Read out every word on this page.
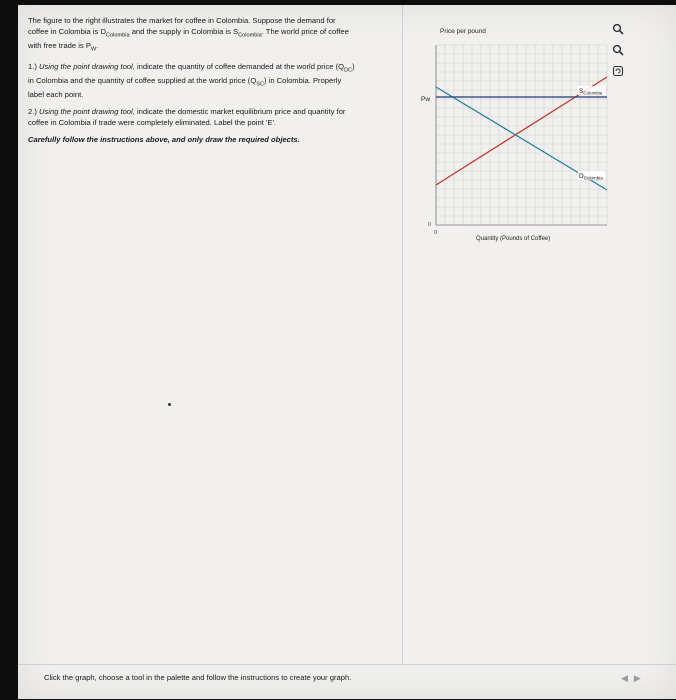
The figure to the right illustrates the market for coffee in Colombia. Suppose the demand for coffee in Colombia is $D_{Colombia}$ and the supply in Colombia is $S_{Colombia}$. The world price of coffee with free trade is $P_W$.

1.) Using the point drawing tool, indicate the quantity of coffee demanded at the world price $(Q_{DC})$ in Colombia and the quantity of coffee supplied at the world price $(Q_{SC})$ in Colombia. Properly label each point.

2.) Using the point drawing tool, indicate the domestic market equilibrium price and quantity for coffee in Colombia if trade were completely eliminated. Label the point 'E'.

Carefully follow the instructions above, and only draw the required objects.

Price per pound
Pw
$S_{Colombia}$
$D_{Colombia}$
0
0
Quantity (Pounds of Coffee)
Click the graph, choose a tool in the palette and follow the instructions to create your graph.	◀▶
